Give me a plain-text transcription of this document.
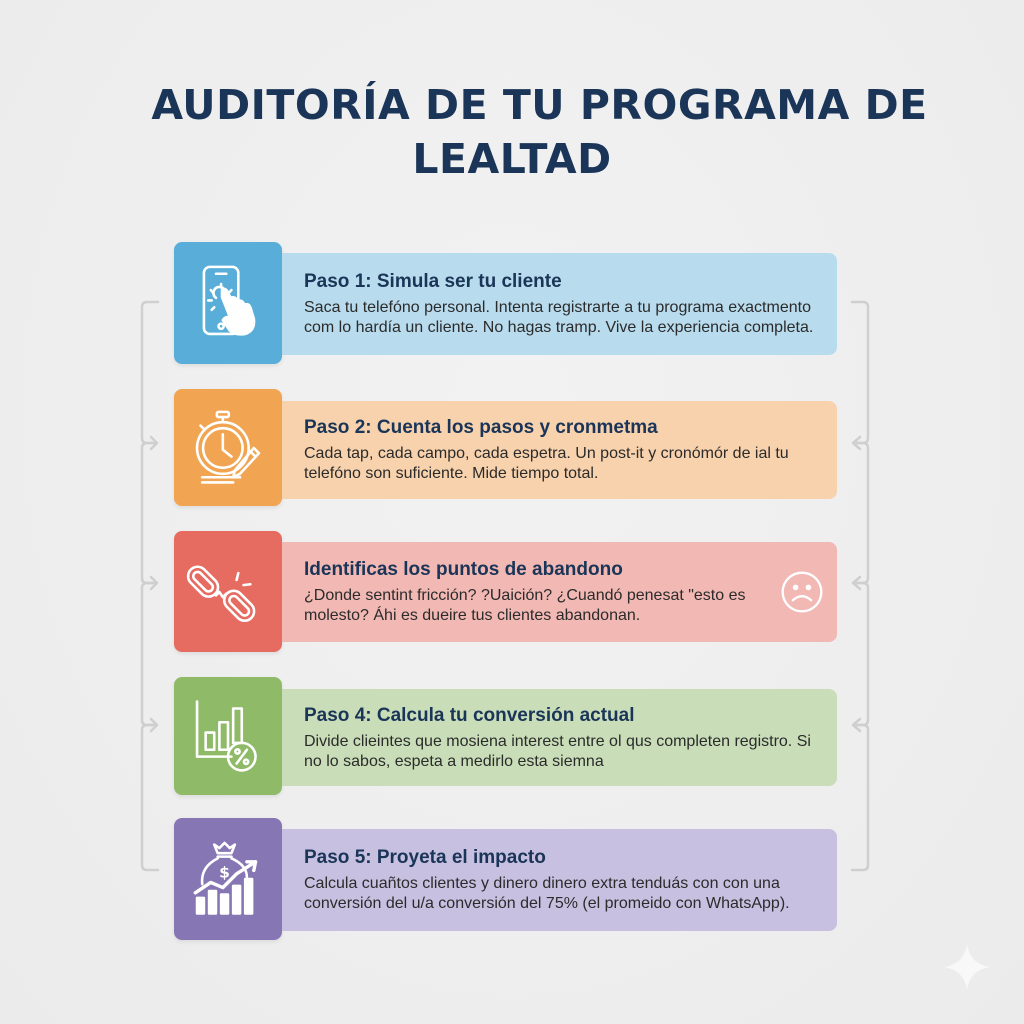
AUDITORÍA DE TU PROGRAMA DE
LEALTAD
Paso 1: Simula ser tu cliente
Saca tu telefóno personal. Intenta registrarte a tu programa exactmento com lo hardía un cliente. No hagas tramp. Vive la experiencia completa.
Paso 2: Cuenta los pasos y cronmetma
Cada tap, cada campo, cada espetra. Un post-it y cronómór de ial tu telefóno son suficiente. Mide tiempo total.
Identificas los puntos de abandono
¿Donde sentint fricción? ?Uaición? ¿Cuandó penesat "esto es molesto? Áhi es dueire tus clientes abandonan.
Paso 4: Calcula tu conversión actual
Divide clieintes que mosiena interest entre ol qus completen registro. Si no lo sabos, espeta a medirlo esta siemna
$
Paso 5: Proyeta el impacto
Calcula cuañtos clientes y dinero dinero extra tenduás con con una conversión del u/a conversión del 75% (el promeido con WhatsApp).
